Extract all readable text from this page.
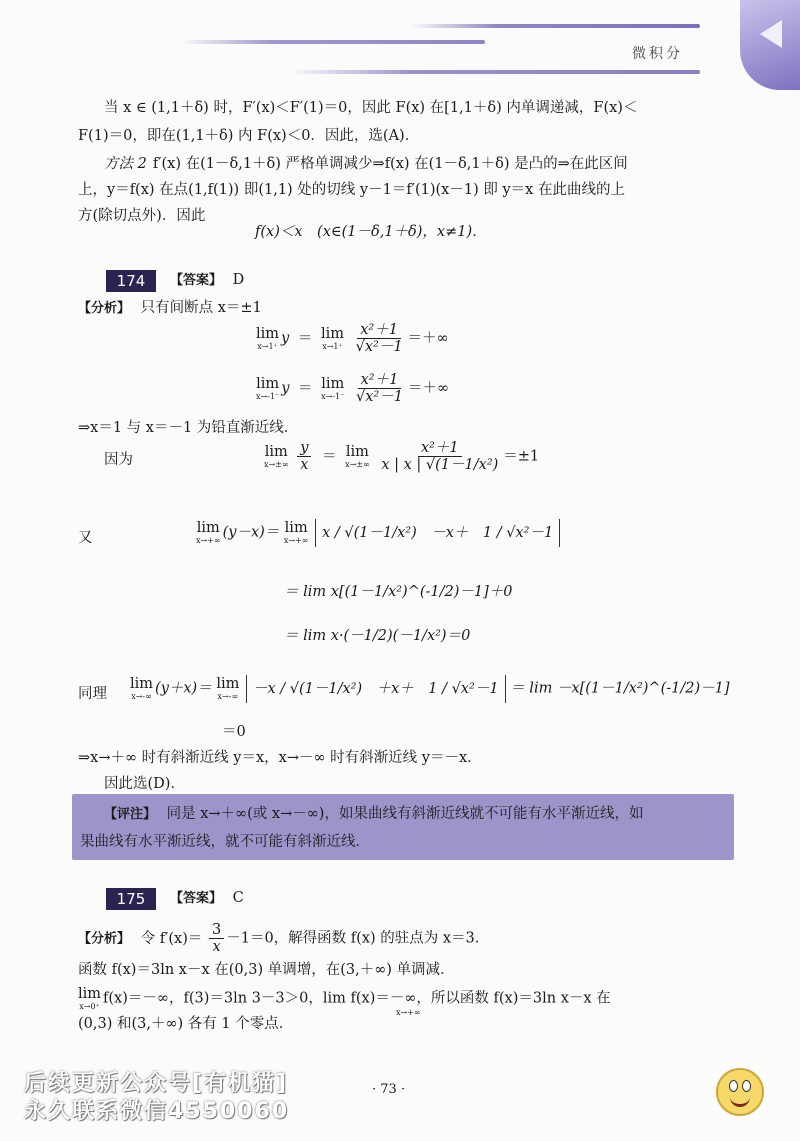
微积分
当 x ∈ (1,1＋δ) 时，F′(x)＜F′(1)＝0，因此 F(x) 在[1,1＋δ) 内单调递减，F(x)＜
F(1)＝0，即在(1,1＋δ) 内 F(x)＜0．因此，选(A)．
方法 2 f′(x) 在(1－δ,1＋δ) 严格单调减少⇒f(x) 在(1－δ,1＋δ) 是凸的⇒在此区间
上，y＝f(x) 在点(1,f(1)) 即(1,1) 处的切线 y－1＝f′(1)(x－1) 即 y＝x 在此曲线的上
方(除切点外)．因此
f(x)＜x　(x∈(1－δ,1＋δ)，x≠1)．
174	【答案】 D
【分析】 只有间断点 x＝±1
lim
x→1⁺ y ＝ lim
x→1⁺
$\frac{\text{x²＋1}}{\text{√x²－1}}$ ＝＋∞
lim
x→-1⁻ y ＝ lim
x→-1⁻
$\frac{\text{x²＋1}}{\text{√x²－1}}$ ＝＋∞
⇒x＝1 与 x＝－1 为铅直渐近线．
因为	lim
x→±∞
$\frac{y}{x} = \lim$
x→±∞
$\frac{\text{x²＋1}}{\text{x | x | √(1－1/x²)}} =\pm 1$
又
lim
x→+∞ (y－x)＝ lim
x→+∞ x / √(1－1/x²)　－x＋　1 / √x²－1
＝ lim x[(1－1/x²)^(-1/2)－1]＋0
＝ lim x·(－1/2)(－1/x²)＝0
同理
lim
x→-∞ (y＋x)＝ lim
x→-∞ －x / √(1－1/x²)　＋x＋　1 / √x²－1 ＝ lim －x[(1－1/x²)^(-1/2)－1]
＝0
⇒x→＋∞ 时有斜渐近线 y＝x，x→－∞ 时有斜渐近线 y＝－x．
因此选(D)．
【评注】 同是 x→＋∞(或 x→－∞)，如果曲线有斜渐近线就不可能有水平渐近线，如
果曲线有水平渐近线，就不可能有斜渐近线．
175	【答案】 C
【分析】 令 $f'(x)= \frac{3}{x} -1=0$，解得函数 f(x) 的驻点为 x＝3．
函数 f(x)＝3ln x－x 在(0,3) 单调增，在(3,＋∞) 单调减．
lim
x→0⁺ f(x)＝－∞，f(3)＝3ln 3－3＞0，lim f(x)＝－∞，所以函数 f(x)＝3ln x－x 在
x→+∞
(0,3) 和(3,＋∞) 各有 1 个零点．
· 73 ·
后续更新公众号[有机猫]
永久联系微信4550060
